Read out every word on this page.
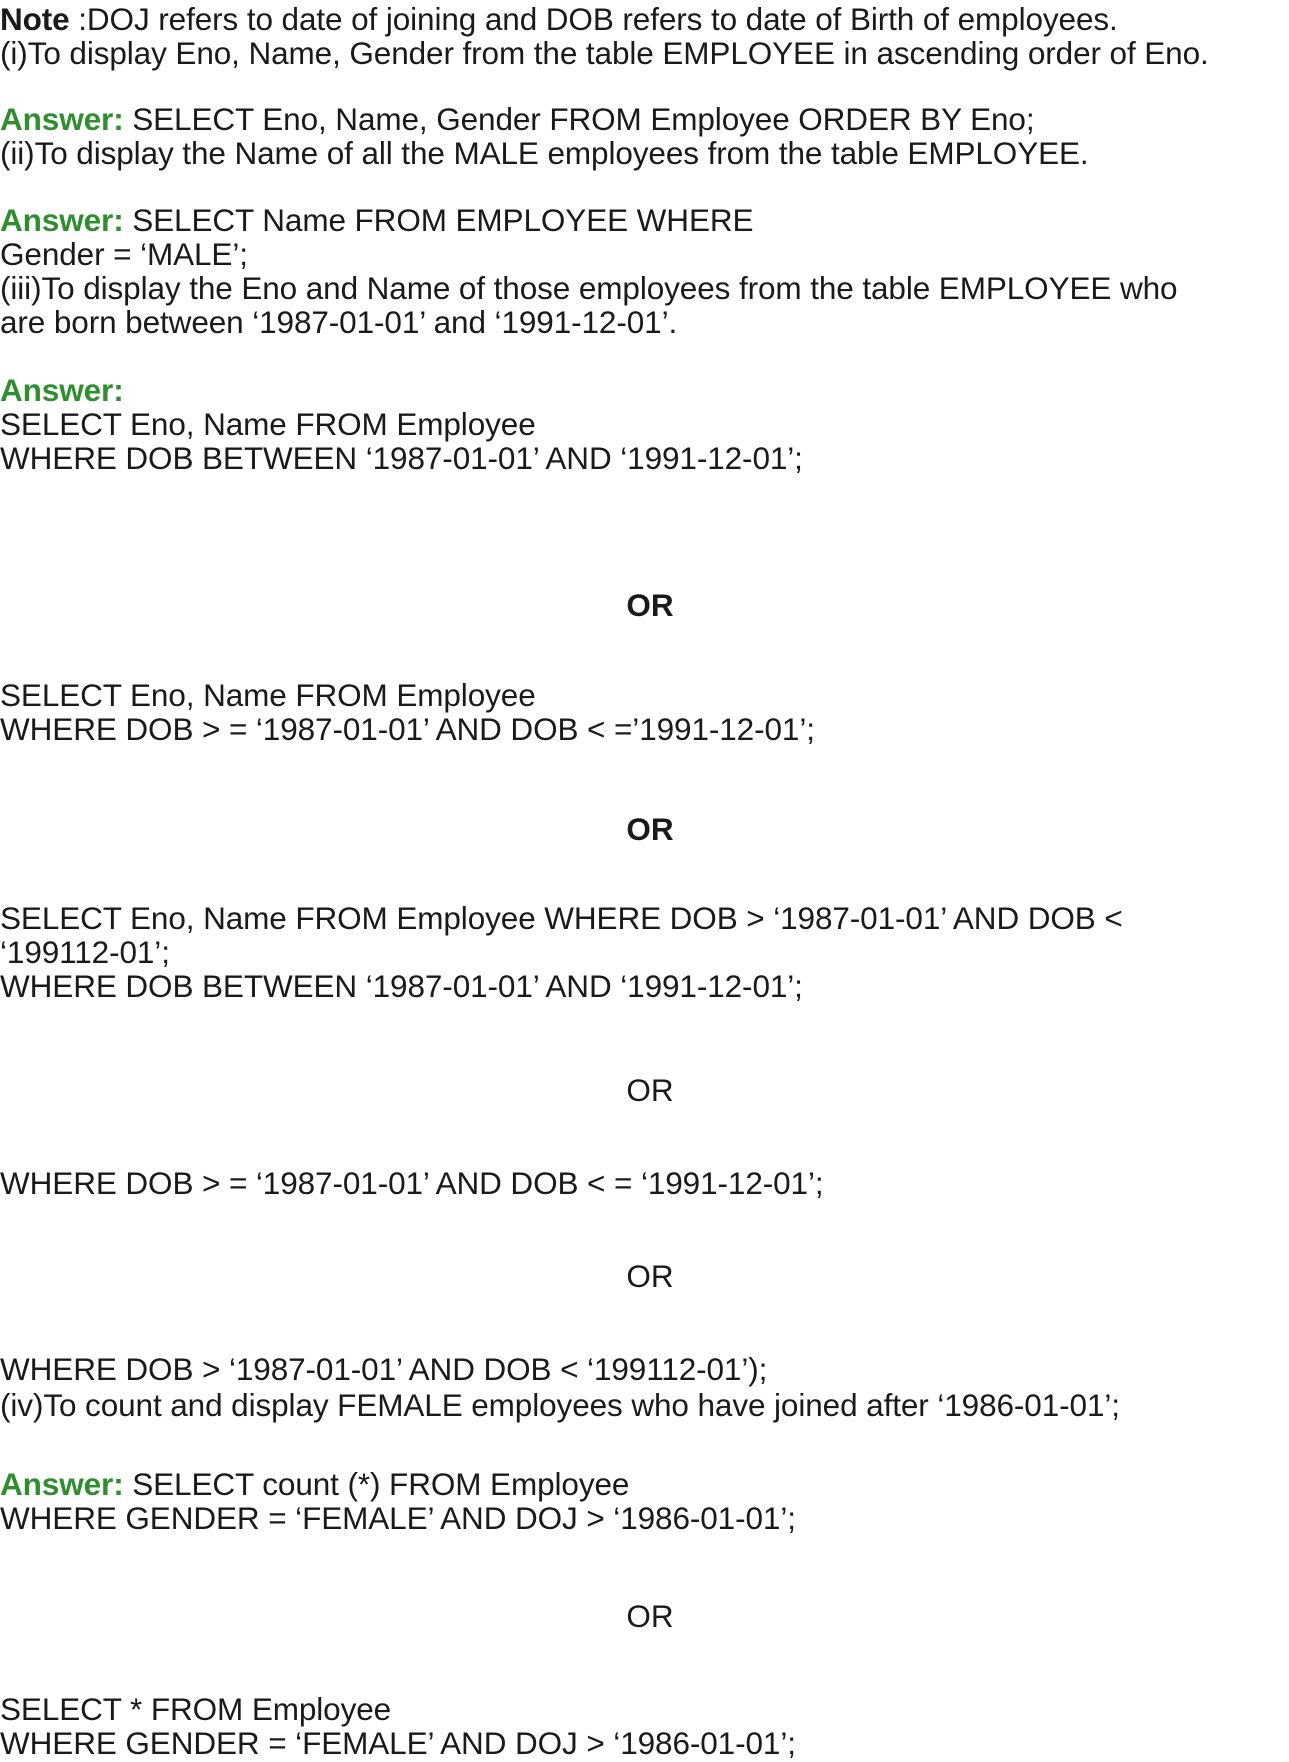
Note :DOJ refers to date of joining and DOB refers to date of Birth of employees.
(i)To display Eno, Name, Gender from the table EMPLOYEE in ascending order of Eno.
Answer: SELECT Eno, Name, Gender FROM Employee ORDER BY Eno;
(ii)To display the Name of all the MALE employees from the table EMPLOYEE.
Answer: SELECT Name FROM EMPLOYEE WHERE
Gender = ‘MALE’;
(iii)To display the Eno and Name of those employees from the table EMPLOYEE who
are born between ‘1987-01-01’ and ‘1991-12-01’.
Answer:
SELECT Eno, Name FROM Employee
WHERE DOB BETWEEN ‘1987-01-01’ AND ‘1991-12-01’;
OR
SELECT Eno, Name FROM Employee
WHERE DOB > = ‘1987-01-01’ AND DOB < =’1991-12-01’;
OR
SELECT Eno, Name FROM Employee WHERE DOB > ‘1987-01-01’ AND DOB <
‘199112-01’;
WHERE DOB BETWEEN ‘1987-01-01’ AND ‘1991-12-01’;
OR
WHERE DOB > = ‘1987-01-01’ AND DOB < = ‘1991-12-01’;
OR
WHERE DOB > ‘1987-01-01’ AND DOB < ‘199112-01’);
(iv)To count and display FEMALE employees who have joined after ‘1986-01-01’;
Answer: SELECT count (*) FROM Employee
WHERE GENDER = ‘FEMALE’ AND DOJ > ‘1986-01-01’;
OR
SELECT * FROM Employee
WHERE GENDER = ‘FEMALE’ AND DOJ > ‘1986-01-01’;
